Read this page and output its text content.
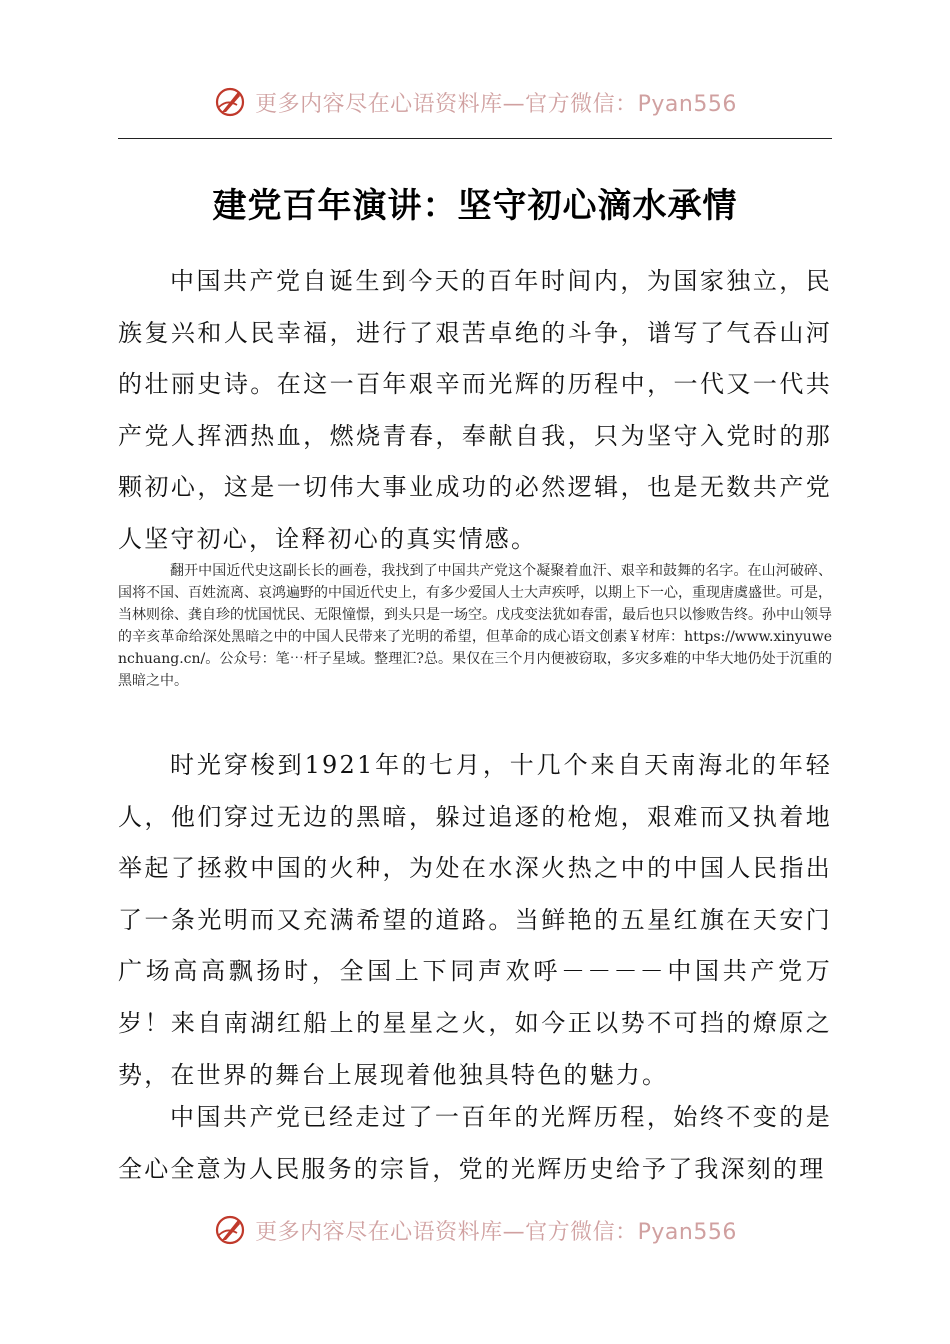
更多内容尽在心语资料库—官方微信：Pyan556
建党百年演讲：坚守初心滴水承情

中国共产党自诞生到今天的百年时间内，为国家独立，民族复兴和人民幸福，进行了艰苦卓绝的斗争，谱写了气吞山河的壮丽史诗。在这一百年艰辛而光辉的历程中，一代又一代共产党人挥洒热血，燃烧青春，奉献自我，只为坚守入党时的那颗初心，这是一切伟大事业成功的必然逻辑，也是无数共产党人坚守初心，诠释初心的真实情感。

翻开中国近代史这副长长的画卷，我找到了中国共产党这个凝聚着血汗、艰辛和鼓舞的名字。在山河破碎、国将不国、百姓流离、哀鸿遍野的中国近代史上，有多少爱国人士大声疾呼，以期上下一心，重现唐虞盛世。可是，当林则徐、龚自珍的忧国忧民、无限憧憬，到头只是一场空。戊戌变法犹如春雷，最后也只以惨败告终。孙中山领导的辛亥革命给深处黑暗之中的中国人民带来了光明的希望，但革命的成心语文创素￥材库：https://www.xinyuwenchuang.cn/。公众号：笔⋯杆子星域。整理汇?总。果仅在三个月内便被窃取，多灾多难的中华大地仍处于沉重的黑暗之中。

时光穿梭到1921年的七月，十几个来自天南海北的年轻人，他们穿过无边的黑暗，躲过追逐的枪炮，艰难而又执着地举起了拯救中国的火种，为处在水深火热之中的中国人民指出了一条光明而又充满希望的道路。当鲜艳的五星红旗在天安门广场高高飘扬时，全国上下同声欢呼－－－－中国共产党万岁！来自南湖红船上的星星之火，如今正以势不可挡的燎原之势，在世界的舞台上展现着他独具特色的魅力。

中国共产党已经走过了一百年的光辉历程，始终不变的是全心全意为人民服务的宗旨，党的光辉历史给予了我深刻的理

更多内容尽在心语资料库—官方微信：Pyan556
